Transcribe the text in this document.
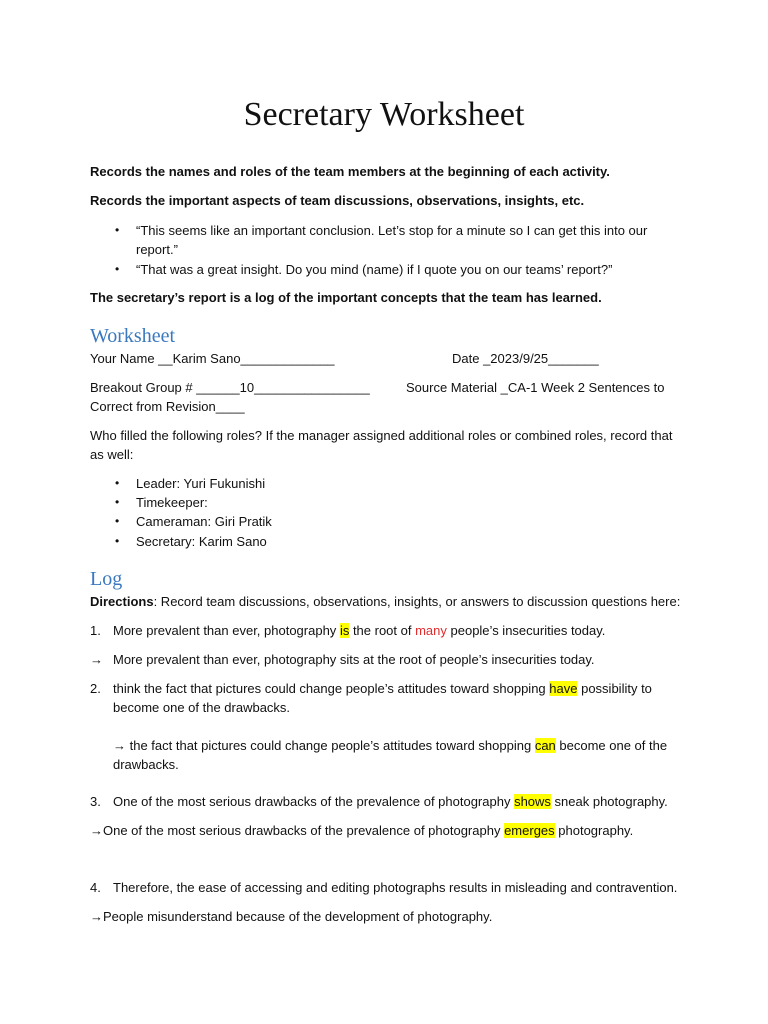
Secretary Worksheet
Records the names and roles of the team members at the beginning of each activity.
Records the important aspects of team discussions, observations, insights, etc.
• “This seems like an important conclusion. Let’s stop for a minute so I can get this into our
report.”
• “That was a great insight. Do you mind (name) if I quote you on our teams’ report?”
The secretary’s report is a log of the important concepts that the team has learned.
Worksheet
Your Name __Karim Sano_____________	Date _2023/9/25_______
Breakout Group # ______10________________	Source Material _CA-1 Week 2 Sentences to
Correct from Revision____
Who filled the following roles? If the manager assigned additional roles or combined roles, record that
as well:
• Leader: Yuri Fukunishi
• Timekeeper:
• Cameraman: Giri Pratik
• Secretary: Karim Sano
Log
Directions: Record team discussions, observations, insights, or answers to discussion questions here:
1. More prevalent than ever, photography is the root of many people’s insecurities today.
→ More prevalent than ever, photography sits at the root of people’s insecurities today.
2. think the fact that pictures could change people’s attitudes toward shopping have possibility to
become one of the drawbacks.
→ the fact that pictures could change people’s attitudes toward shopping can become one of the
drawbacks.
3. One of the most serious drawbacks of the prevalence of photography shows sneak photography.
→One of the most serious drawbacks of the prevalence of photography emerges photography.
4. Therefore, the ease of accessing and editing photographs results in misleading and contravention.
→People misunderstand because of the development of photography.
